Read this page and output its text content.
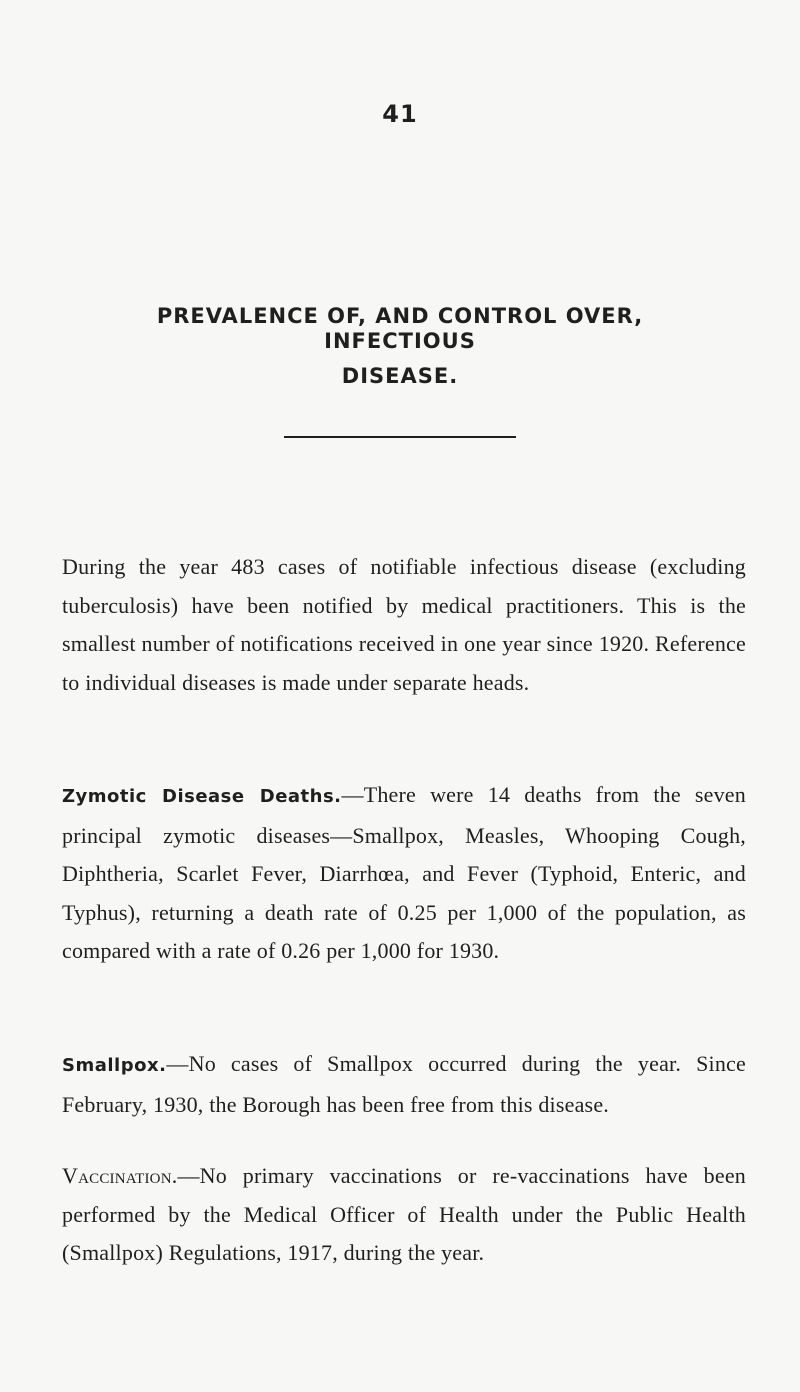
41
PREVALENCE OF, AND CONTROL OVER, INFECTIOUS
DISEASE.

During the year 483 cases of notifiable infectious disease (excluding tuberculosis) have been notified by medical practitioners. This is the smallest number of notifications received in one year since 1920. Reference to individual diseases is made under separate heads.

Zymotic Disease Deaths.—There were 14 deaths from the seven principal zymotic diseases—Smallpox, Measles, Whooping Cough, Diphtheria, Scarlet Fever, Diarrhœa, and Fever (Typhoid, Enteric, and Typhus), returning a death rate of 0.25 per 1,000 of the population, as compared with a rate of 0.26 per 1,000 for 1930.

Smallpox.—No cases of Smallpox occurred during the year. Since February, 1930, the Borough has been free from this disease.

Vaccination.—No primary vaccinations or re-vaccinations have been performed by the Medical Officer of Health under the Public Health (Smallpox) Regulations, 1917, during the year.
